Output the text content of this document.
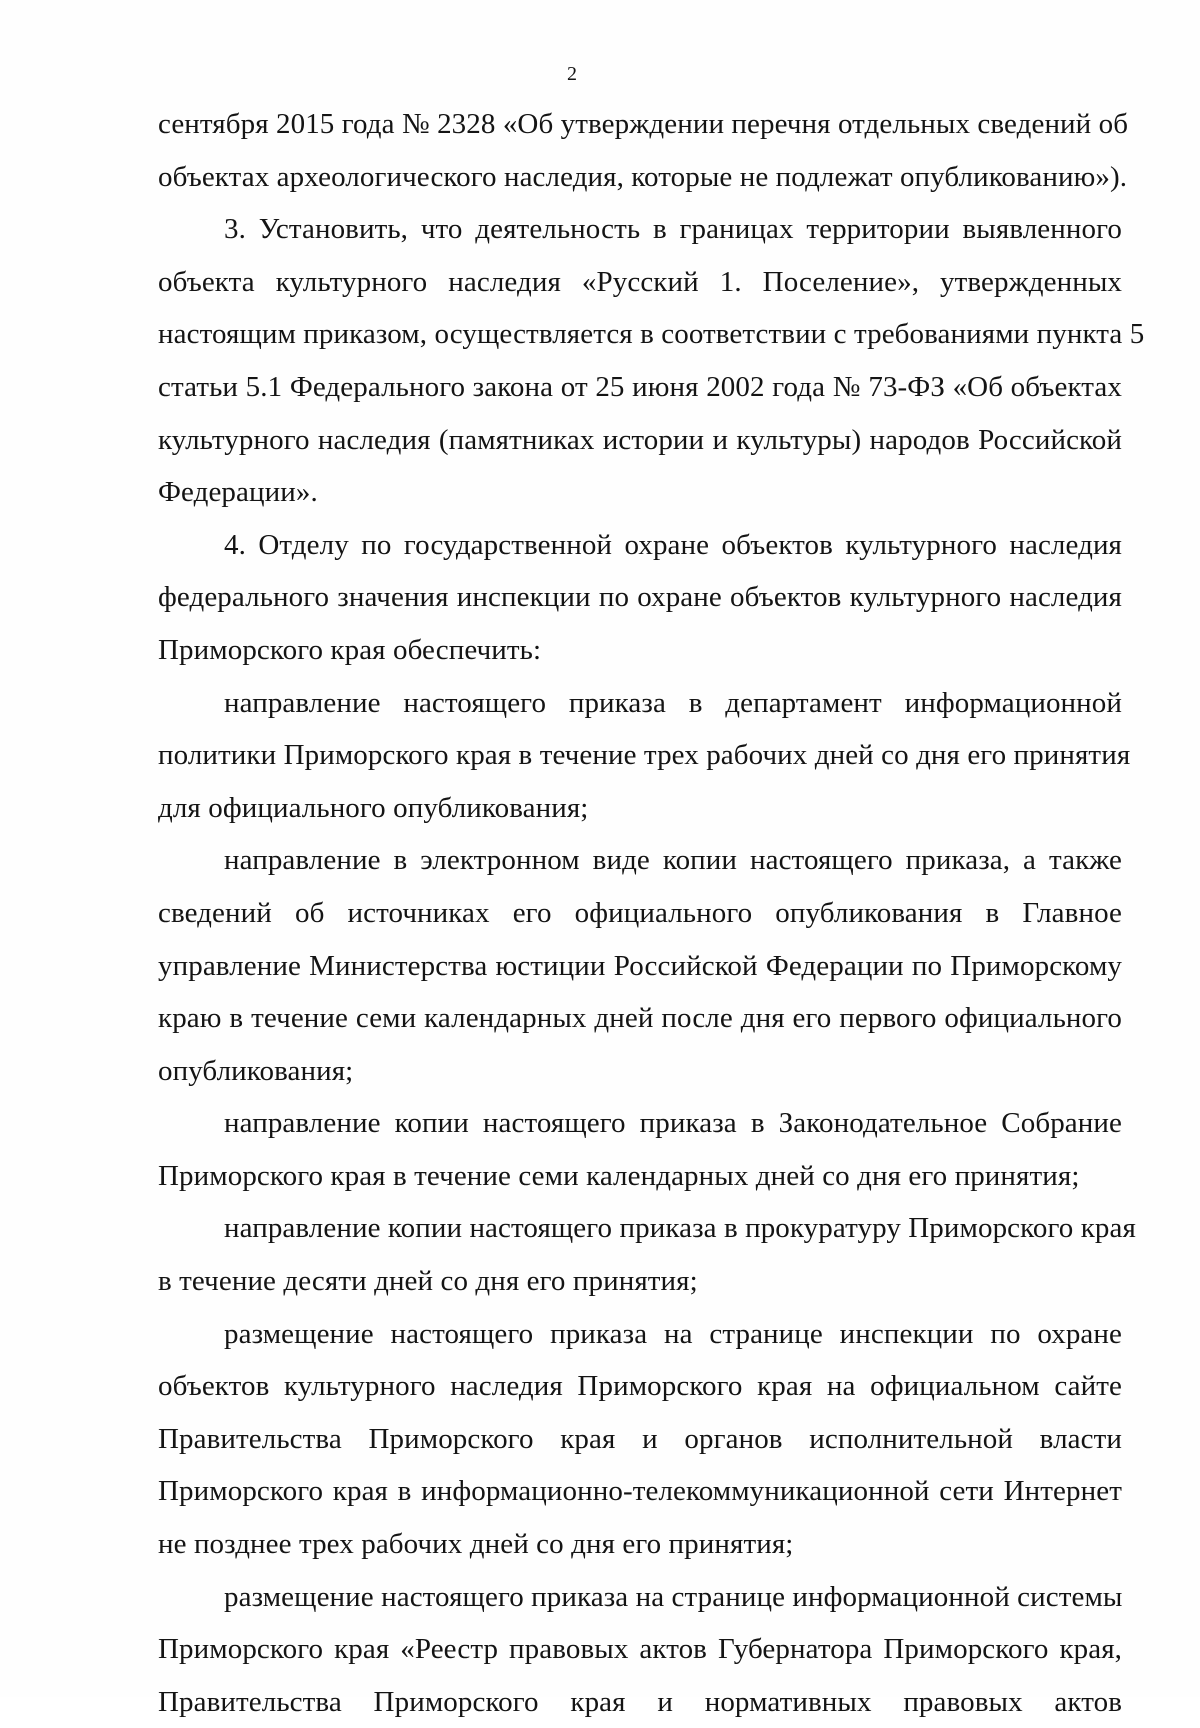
2
сентября 2015 года № 2328 «Об утверждении перечня отдельных сведений об
объектах археологического наследия, которые не подлежат опубликованию»).
3. Установить, что деятельность в границах территории выявленного
объекта культурного наследия «Русский 1. Поселение», утвержденных
настоящим приказом, осуществляется в соответствии с требованиями пункта 5
статьи 5.1 Федерального закона от 25 июня 2002 года № 73-ФЗ «Об объектах
культурного наследия (памятниках истории и культуры) народов Российской
Федерации».
4. Отделу по государственной охране объектов культурного наследия
федерального значения инспекции по охране объектов культурного наследия
Приморского края обеспечить:
направление настоящего приказа в департамент информационной
политики Приморского края в течение трех рабочих дней со дня его принятия
для официального опубликования;
направление в электронном виде копии настоящего приказа, а также
сведений об источниках его официального опубликования в Главное
управление Министерства юстиции Российской Федерации по Приморскому
краю в течение семи календарных дней после дня его первого официального
опубликования;
направление копии настоящего приказа в Законодательное Собрание
Приморского края в течение семи календарных дней со дня его принятия;
направление копии настоящего приказа в прокуратуру Приморского края
в течение десяти дней со дня его принятия;
размещение настоящего приказа на странице инспекции по охране
объектов культурного наследия Приморского края на официальном сайте
Правительства Приморского края и органов исполнительной власти
Приморского края в информационно-телекоммуникационной сети Интернет
не позднее трех рабочих дней со дня его принятия;
размещение настоящего приказа на странице информационной системы
Приморского края «Реестр правовых актов Губернатора Приморского края,
Правительства Приморского края и нормативных правовых актов
